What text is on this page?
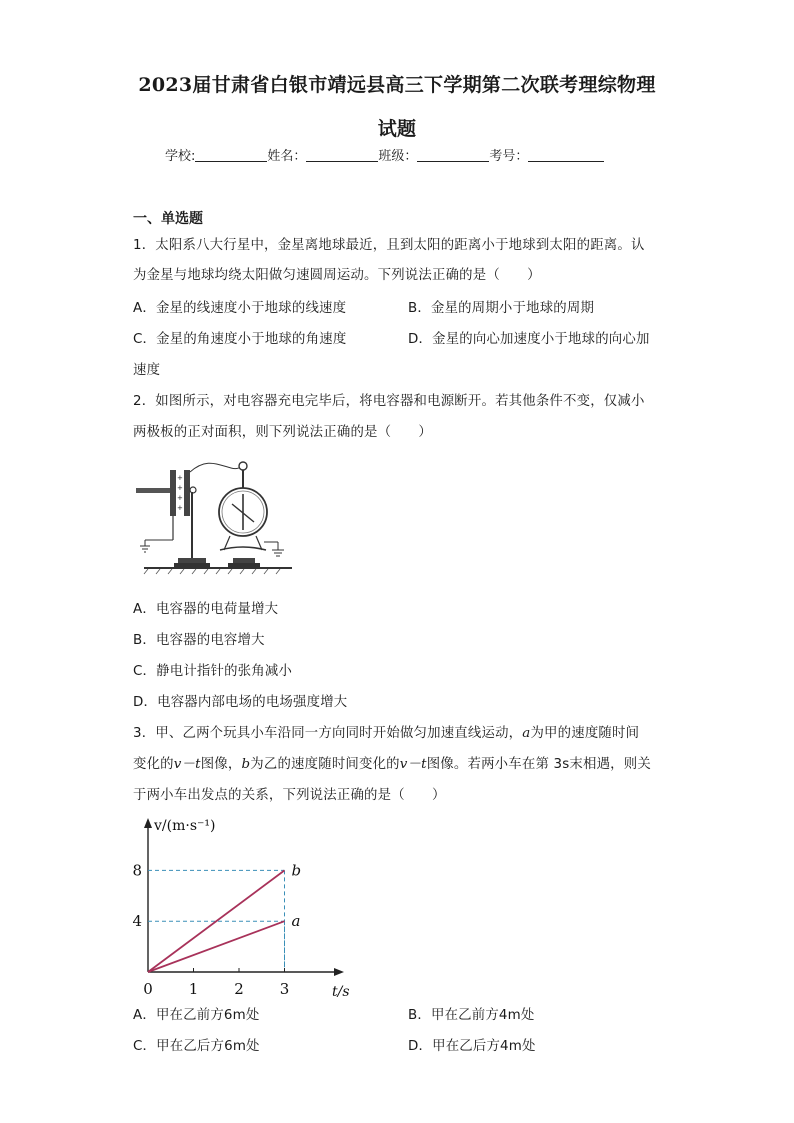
2023届甘肃省白银市靖远县高三下学期第二次联考理综物理
试题
学校:	姓名：	班级：	考号：
一、单选题
1．太阳系八大行星中，金星离地球最近，且到太阳的距离小于地球到太阳的距离。认
为金星与地球均绕太阳做匀速圆周运动。下列说法正确的是（　　）
A．金星的线速度小于地球的线速度	B．金星的周期小于地球的周期
C．金星的角速度小于地球的角速度	D．金星的向心加速度小于地球的向心加
速度
2．如图所示，对电容器充电完毕后，将电容器和电源断开。若其他条件不变，仅减小
两极板的正对面积，则下列说法正确的是（　　）
+
+
+
+
A．电容器的电荷量增大
B．电容器的电容增大
C．静电计指针的张角减小
D．电容器内部电场的电场强度增大
3．甲、乙两个玩具小车沿同一方向同时开始做匀加速直线运动，a为甲的速度随时间
变化的v－t图像，b为乙的速度随时间变化的v－t图像。若两小车在第 3s末相遇，则关
于两小车出发点的关系，下列说法正确的是（　　）
b
a
0 1 2 3
4
8
v/(m·s⁻¹)
t/s
A．甲在乙前方6m处	B．甲在乙前方4m处
C．甲在乙后方6m处	D．甲在乙后方4m处
